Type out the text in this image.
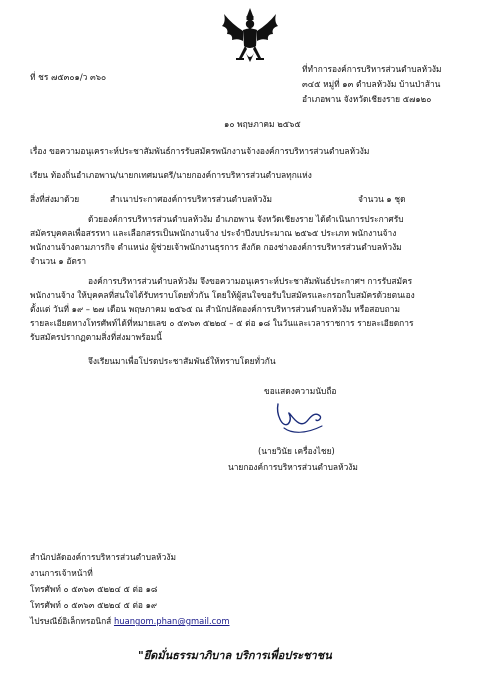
ที่ ชร ๗๕๓๐๑/ว ๓๖๐
ที่ทำการองค์การบริหารส่วนตำบลห้วงัม
๓๔๕ หมู่ที่ ๑๓ ตำบลห้วงัม บ้านป่าส้าน
อำเภอพาน จังหวัดเชียงราย ๕๗๑๒๐
๑๐ พฤษภาคม ๒๕๖๕
เรื่อง ขอความอนุเคราะห์ประชาสัมพันธ์การรับสมัครพนักงานจ้างองค์การบริหารส่วนตำบลห้วงัม
เรียน ท้องถิ่นอำเภอพาน/นายกเทศมนตรี/นายกองค์การบริหารส่วนตำบลทุกแห่ง
สิ่งที่ส่งมาด้วย	สำเนาประกาศองค์การบริหารส่วนตำบลห้วงัม	จำนวน ๑ ชุด
ด้วยองค์การบริหารส่วนตำบลห้วงัม อำเภอพาน จังหวัดเชียงราย ได้ดำเนินการประกาศรับ
สมัครบุคคลเพื่อสรรหา และเลือกสรรเป็นพนักงานจ้าง ประจำปีงบประมาณ ๒๕๖๕ ประเภท พนักงานจ้าง
พนักงานจ้างตามภารกิจ ตำแหน่ง ผู้ช่วยเจ้าพนักงานธุรการ สังกัด กองช่างองค์การบริหารส่วนตำบลห้วงัม
จำนวน ๑ อัตรา
องค์การบริหารส่วนตำบลห้วงัม จึงขอความอนุเคราะห์ประชาสัมพันธ์ประกาศฯ การรับสมัคร
พนักงานจ้าง ให้บุคคลที่สนใจได้รับทราบโดยทั่วกัน โดยให้ผู้สนใจขอรับใบสมัครและกรอกใบสมัครด้วยตนเอง
ตั้งแต่ วันที่ ๑๙ – ๒๗ เดือน พฤษภาคม ๒๕๖๕ ณ สำนักปลัดองค์การบริหารส่วนตำบลห้วงัม หรือสอบถาม
รายละเอียดทางโทรศัพท์ได้ที่หมายเลข ๐ ๕๓๖๓ ๕๒๒๔ – ๕ ต่อ ๑๘ ในวันและเวลาราชการ รายละเอียดการ
รับสมัครปรากฏตามสิ่งที่ส่งมาพร้อมนี้
จึงเรียนมาเพื่อโปรดประชาสัมพันธ์ให้ทราบโดยทั่วกัน
ขอแสดงความนับถือ
(นายวินัย เครื่องไชย)
นายกองค์การบริหารส่วนตำบลห้วงัม
สำนักปลัดองค์การบริหารส่วนตำบลห้วงัม
งานการเจ้าหน้าที่
โทรศัพท์ ๐ ๕๓๖๓ ๕๒๒๔ ๕ ต่อ ๑๘
โทรศัพท์ ๐ ๕๓๖๓ ๕๒๒๔ ๕ ต่อ ๑๙
ไปรษณีย์อิเล็กทรอนิกส์ huangom.phan@gmail.com
"ยึดมั่นธรรมาภิบาล บริการเพื่อประชาชน
